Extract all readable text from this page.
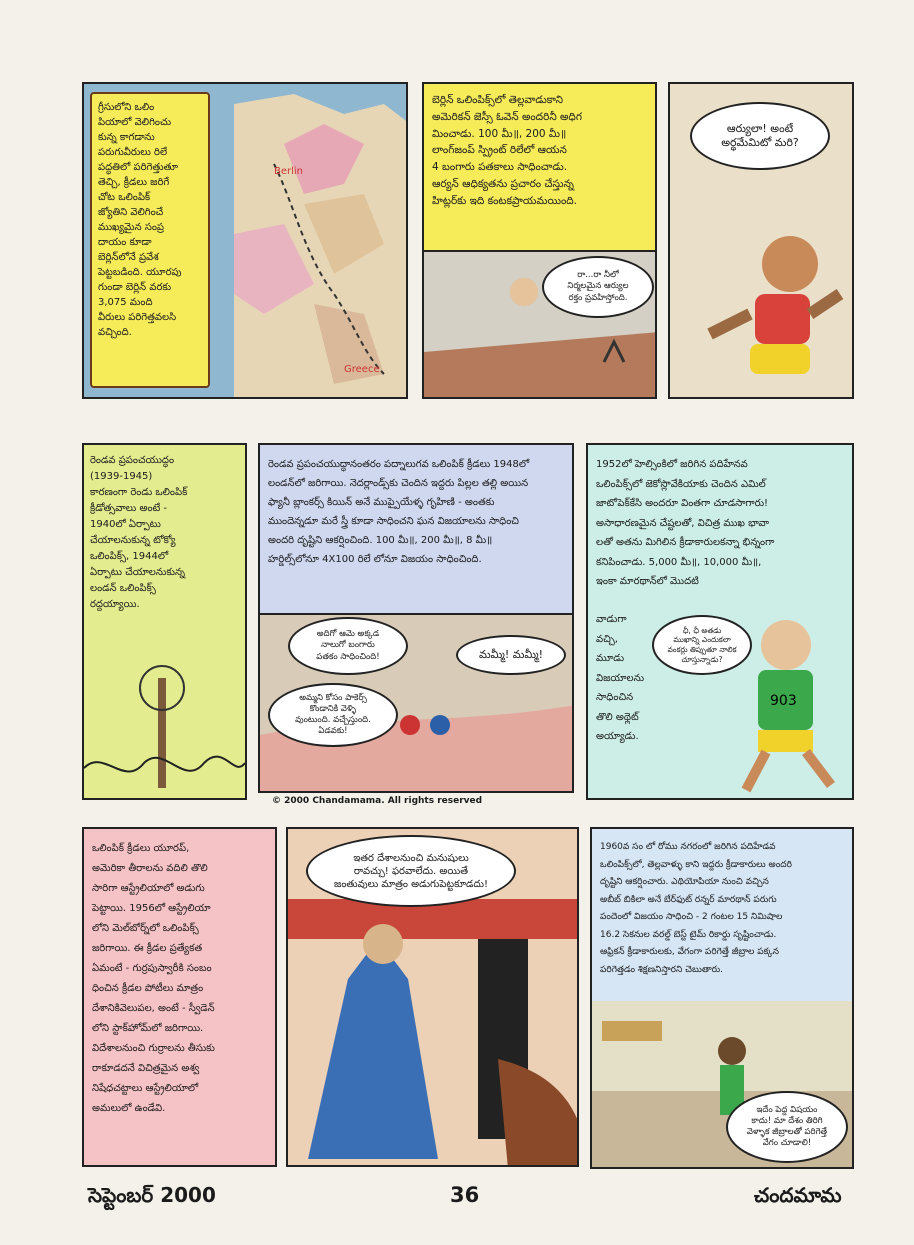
Berlin
Greece
గ్రీసులోని ఒలిం
పియాలో వెలిగించు
కున్న కాగడాను
పరుగువీరులు రిలే
పద్ధతిలో పరిగెత్తుతూ
తెచ్చి, క్రీడలు జరిగే
చోట ఒలింపిక్
జ్యోతిని వెలిగించే
ముఖ్యమైన సంప్ర
దాయం కూడా
బెర్లిన్‌లోనే ప్రవేశ
పెట్టబడింది. యూరపు
గుండా బెర్లిన్ వరకు
3,075 మంది
వీరులు పరిగెత్తవలసి
వచ్చింది.
బెర్లిన్ ఒలింపిక్స్‌లో తెల్లవాడుకాని
అమెరికన్ జెస్సీ ఓవెన్ అందరినీ అధిగ
మించాడు. 100 మీ॥, 200 మీ॥
లాంగ్‌జంప్ స్ప్రింట్ రిలేలో ఆయన
4 బంగారు పతకాలు సాధించాడు.
ఆర్యన్ ఆధిక్యతను ప్రచారం చేస్తున్న
హిట్లర్‌కు ఇది కంటకప్రాయమయింది.
రా...రా నీలో
నిర్మలమైన ఆర్యుల
రక్తం ప్రవహిస్తోంది.
ఆర్యులా! అంటే
అర్థమేమిటో మరి?
రెండవ ప్రపంచయుద్ధం
(1939-1945)
కారణంగా రెండు ఒలింపిక్
క్రీడోత్సవాలు అంటే -
1940లో ఏర్పాటు
చేయాలనుకున్న టోక్యో
ఒలింపిక్స్, 1944లో
ఏర్పాటు చేయాలనుకున్న
లండన్ ఒలింపిక్స్
రద్దయ్యాయి.
రెండవ ప్రపంచయుద్ధానంతరం పద్నాలుగవ ఒలింపిక్ క్రీడలు 1948లో
లండన్‌లో జరిగాయి. నెదర్లాండ్స్‌కు చెందిన ఇద్దరు పిల్లల తల్లి అయిన
ఫ్యానీ బ్లాంకర్స్ కియిన్ అనే ముప్పైయేళ్ళ గృహిణి - అంతకు
ముందెన్నడూ మరే స్త్రీ కూడా సాధించని ఘన విజయాలను సాధించి
అందరి దృష్టిని ఆకర్షించింది. 100 మీ॥, 200 మీ॥, 8 మీ॥
హర్డిల్స్‌లోనూ 4X100 రిలే లోనూ విజయం సాధించింది.
అదిగో ఆమె అక్కడ
నాలుగో బంగారు
పతకం సాధించింది!	మమ్మీ! మమ్మీ!
అమ్మని కోసం పాకెర్స్
కొండానికి వెళ్ళి
వుంటుంది. వచ్చేస్తుంది.
ఏడవకు!
© 2000 Chandamama. All rights reserved
1952లో హెల్సింకిలో జరిగిన పదిహేనవ
ఒలింపిక్స్‌లో జెకోస్లొవేకియాకు చెందిన ఎమిల్
జాటోపెక్‌కేసి అందరూ వింతగా చూడసాగారు!
అసాధారణమైన చేష్టలతో, విచిత్ర ముఖ భావా
లతో అతను మిగిలిన క్రీడాకారులకన్నా భిన్నంగా
కనిపించాడు. 5,000 మీ॥, 10,000 మీ॥,
ఇంకా మారథాన్‌లో మొదటి
వాడుగా
వచ్చి,
మూడు
విజయాలను
సాధించిన
తొలి అథ్లెట్
అయ్యాడు.
903
ఛీ, ఛీ అతడు
ముఖాన్ని ఎందుకలా
వంకర్లు తిప్పుతూ నాలిక
చూస్తున్నాడు?
ఒలింపిక్ క్రీడలు యూరప్,
అమెరికా తీరాలను వదిలి తొలి
సారిగా ఆస్ట్రేలియాలో అడుగు
పెట్టాయి. 1956లో ఆస్ట్రేలియా
లోని మెల్‌బోర్న్‌లో ఒలింపిక్స్
జరిగాయి. ఈ క్రీడల ప్రత్యేకత
ఏమంటే - గుర్రపుస్వారీకి సంబం
ధించిన క్రీడల పోటీలు మాత్రం
దేశానికివెలుపల, అంటే - స్వీడెన్
లోని స్టాక్‌హోమ్‌లో జరిగాయి.
విదేశాలనుంచి గుర్రాలను తీసుకు
రాకూడదనే విచిత్రమైన అశ్వ
నిషేధచట్టాలు ఆస్ట్రేలియాలో
అమలులో ఉండేవి.
ఇతర దేశాలనుంచి మనుషులు
రావచ్చు! ఫరవాలేదు. అయితే
జంతువులు మాత్రం అడుగుపెట్టకూడదు!
1960వ సం లో రోము నగరంలో జరిగిన పదిహేడవ
ఒలింపిక్స్‌లో, తెల్లవాళ్ళు కాని ఇద్దరు క్రీడాకారులు అందరి
దృష్టిని ఆకర్షించారు. ఎథియోపియా నుంచి వచ్చిన
అబీబ్ బికిలా అనే బేర్‌ఫుట్ రన్నర్ మారథాన్ పరుగు
పందెంలో విజయం సాధించి - 2 గంటల 15 నిమిషాల
16.2 సెకనుల వరల్డ్ బెస్ట్ టైమ్ రికార్డు సృష్టించాడు.
ఆఫ్రికన్ క్రీడాకారులకు, వేగంగా పరిగెత్తే జీబ్రాల పక్కన
పరిగెత్తడం శిక్షణనిస్తారని చెబుతారు.
ఇదేం పెద్ద విషయం
కాదు! మా దేశం తిరిగి
వెళ్ళాక జీబ్రాలతో పరిగెత్తే
వేగం చూడాలి!
సెప్టెంబర్ 2000	36	చందమామ
